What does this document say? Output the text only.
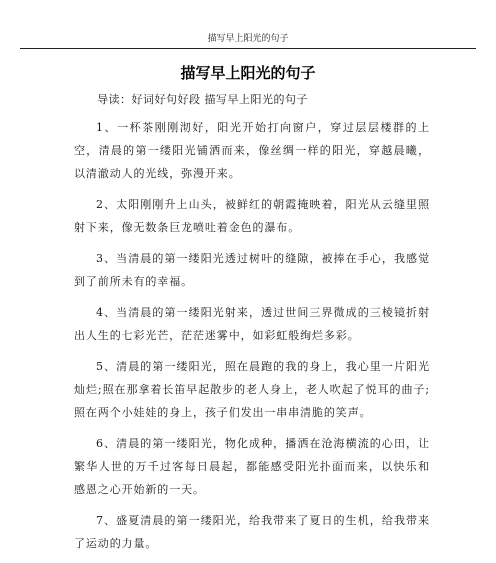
描写早上阳光的句子
描写早上阳光的句子
导读：好词好句好段 描写早上阳光的句子

1、一杯茶刚刚沏好，阳光开始打向窗户，穿过层层楼群的上空，清晨的第一缕阳光铺洒而来，像丝绸一样的阳光，穿越晨曦，以清澈动人的光线，弥漫开来。

2、太阳刚刚升上山头，被鲜红的朝霞掩映着，阳光从云缝里照射下来，像无数条巨龙喷吐着金色的瀑布。

3、当清晨的第一缕阳光透过树叶的缝隙，被捧在手心，我感觉到了前所未有的幸福。

4、当清晨的第一缕阳光射来，透过世间三界微成的三棱镜折射出人生的七彩光芒，茫茫迷雾中，如彩虹般绚烂多彩。

5、清晨的第一缕阳光，照在晨跑的我的身上，我心里一片阳光灿烂;照在那拿着长笛早起散步的老人身上，老人吹起了悦耳的曲子;照在两个小娃娃的身上，孩子们发出一串串清脆的笑声。

6、清晨的第一缕阳光，物化成种，播洒在沧海横流的心田，让繁华人世的万千过客每日晨起，都能感受阳光扑面而来，以快乐和感恩之心开始新的一天。

7、盛夏清晨的第一缕阳光，给我带来了夏日的生机，给我带来了运动的力量。
